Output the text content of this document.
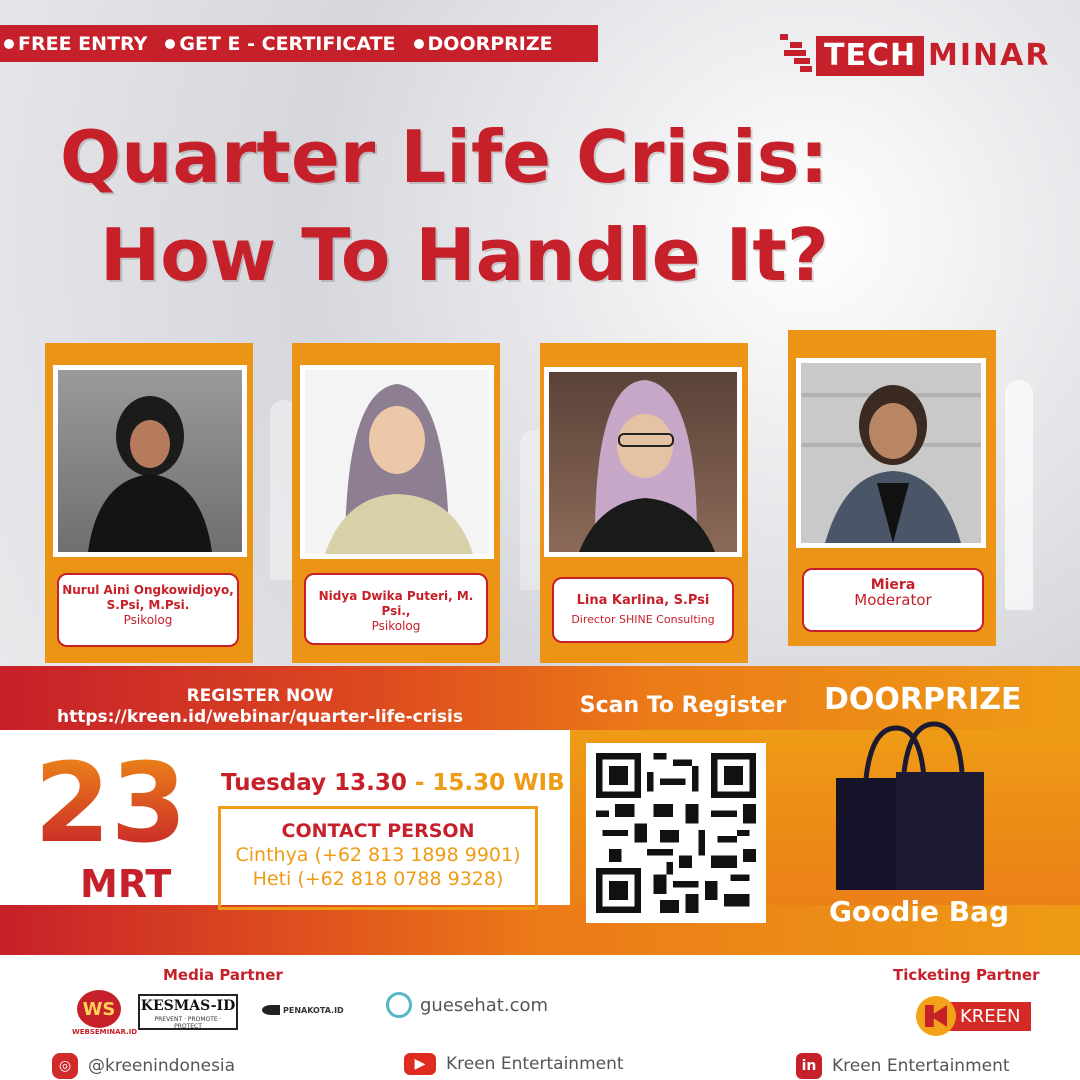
FREE ENTRY GET E - CERTIFICATE DOORPRIZE	TECH MINAR
Quarter Life Crisis:
How To Handle It?
Nurul Aini Ongkowidjoyo, S.Psi, M.Psi.
Psikolog
Nidya Dwika Puteri, M. Psi.,
Psikolog
Lina Karlina, S.Psi
Director SHINE Consulting
Miera
Moderator
REGISTER NOW
https://kreen.id/webinar/quarter-life-crisis	Scan To Register DOORPRIZE
23
MRT
Tuesday 13.30 - 15.30 WIB
CONTACT PERSON
Cinthya (+62 813 1898 9901)
Heti (+62 818 0788 9328)
Goodie Bag
Media Partner	Ticketing Partner
WS
WEBSEMINAR.ID
KESMAS-ID
PREVENT · PROMOTE · PROTECT
PENAKOTA.ID	guesehat.com
KREEN
◎ @kreenindonesia	▶	Kreen Entertainment	in Kreen Entertainment
